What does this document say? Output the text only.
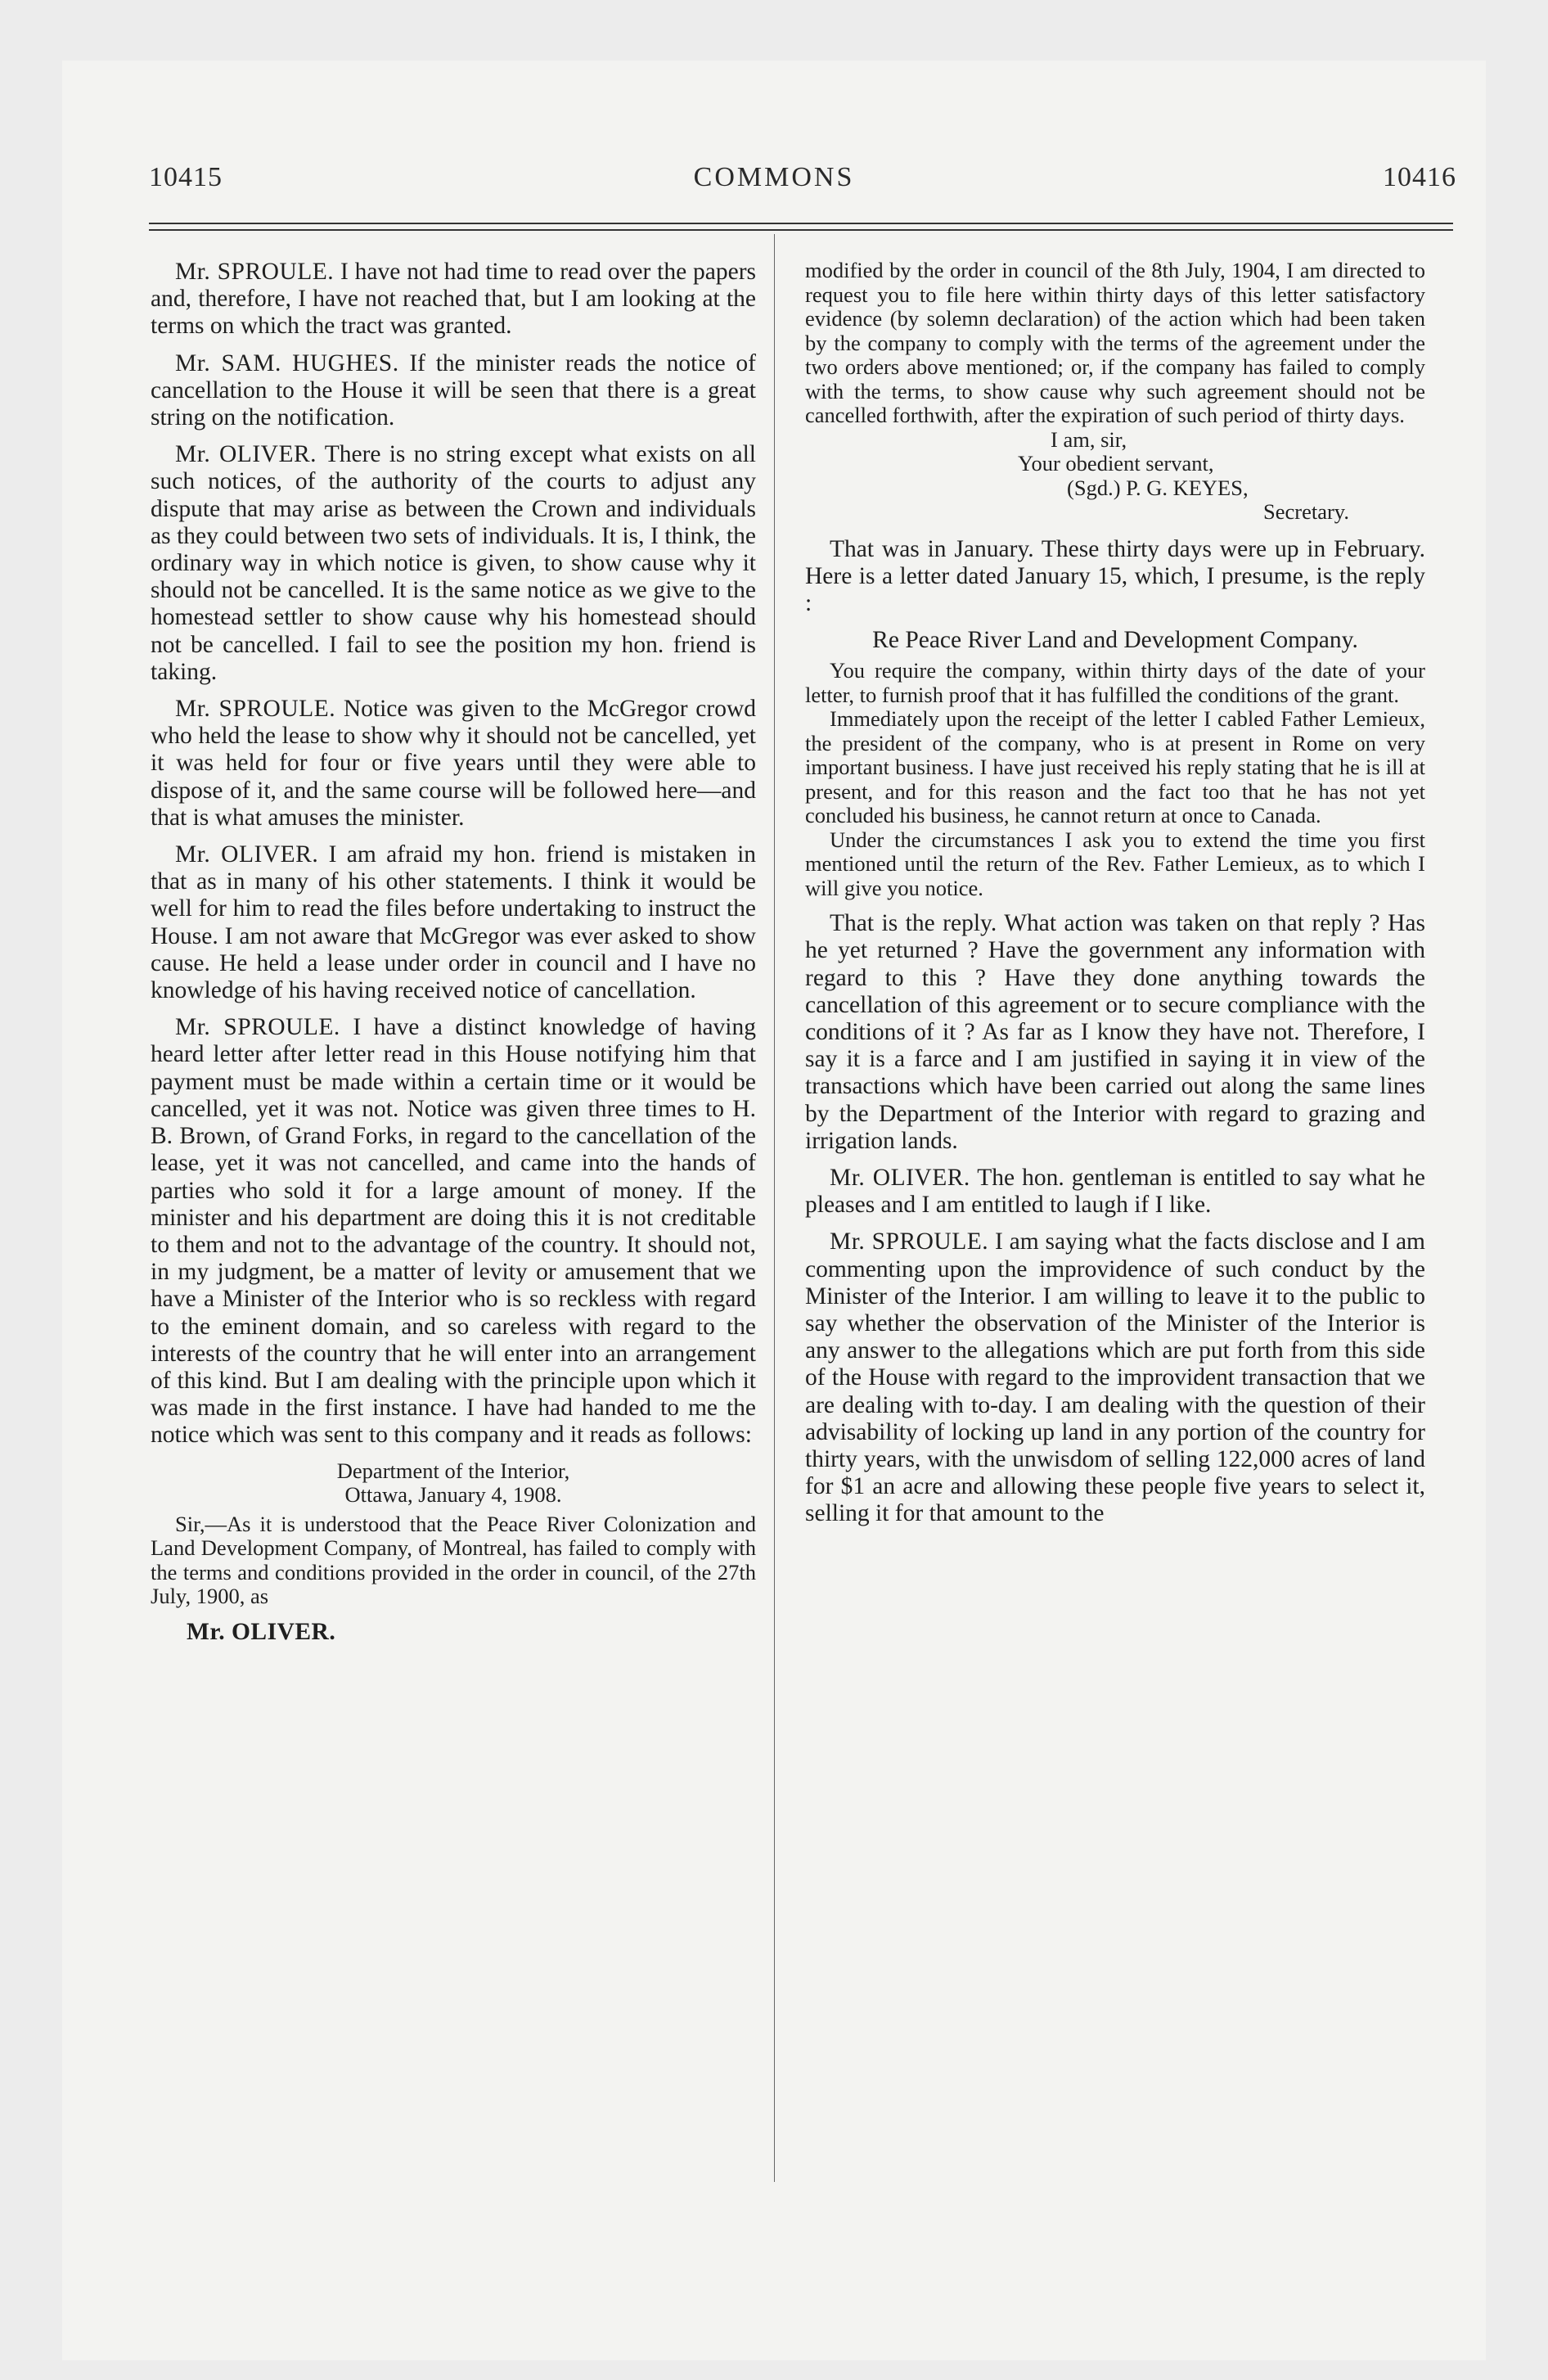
10415	COMMONS	10416

Mr. SPROULE. I have not had time to read over the papers and, therefore, I have not reached that, but I am looking at the terms on which the tract was granted.

Mr. SAM. HUGHES. If the minister reads the notice of cancellation to the House it will be seen that there is a great string on the notification.

Mr. OLIVER. There is no string except what exists on all such notices, of the authority of the courts to adjust any dispute that may arise as between the Crown and individuals as they could between two sets of individuals. It is, I think, the ordinary way in which notice is given, to show cause why it should not be cancelled. It is the same notice as we give to the homestead settler to show cause why his homestead should not be cancelled. I fail to see the position my hon. friend is taking.

Mr. SPROULE. Notice was given to the McGregor crowd who held the lease to show why it should not be cancelled, yet it was held for four or five years until they were able to dispose of it, and the same course will be followed here—and that is what amuses the minister.

Mr. OLIVER. I am afraid my hon. friend is mistaken in that as in many of his other statements. I think it would be well for him to read the files before undertaking to instruct the House. I am not aware that McGregor was ever asked to show cause. He held a lease under order in council and I have no knowledge of his having received notice of cancellation.

Mr. SPROULE. I have a distinct knowledge of having heard letter after letter read in this House notifying him that payment must be made within a certain time or it would be cancelled, yet it was not. Notice was given three times to H. B. Brown, of Grand Forks, in regard to the cancellation of the lease, yet it was not cancelled, and came into the hands of parties who sold it for a large amount of money. If the minister and his department are doing this it is not creditable to them and not to the advantage of the country. It should not, in my judgment, be a matter of levity or amusement that we have a Minister of the Interior who is so reckless with regard to the eminent domain, and so careless with regard to the interests of the country that he will enter into an arrangement of this kind. But I am dealing with the principle upon which it was made in the first instance. I have had handed to me the notice which was sent to this company and it reads as follows:

Department of the Interior,

Ottawa, January 4, 1908.

Sir,—As it is understood that the Peace River Colonization and Land Development Company, of Montreal, has failed to comply with the terms and conditions provided in the order in council, of the 27th July, 1900, as

Mr. OLIVER.

modified by the order in council of the 8th July, 1904, I am directed to request you to file here within thirty days of this letter satisfactory evidence (by solemn declaration) of the action which had been taken by the company to comply with the terms of the agreement under the two orders above mentioned; or, if the company has failed to comply with the terms, to show cause why such agreement should not be cancelled forthwith, after the expiration of such period of thirty days.

I am, sir,

Your obedient servant,

(Sgd.) P. G. KEYES,

Secretary.

That was in January. These thirty days were up in February. Here is a letter dated January 15, which, I presume, is the reply :

Re Peace River Land and Development Company.

You require the company, within thirty days of the date of your letter, to furnish proof that it has fulfilled the conditions of the grant.

Immediately upon the receipt of the letter I cabled Father Lemieux, the president of the company, who is at present in Rome on very important business. I have just received his reply stating that he is ill at present, and for this reason and the fact too that he has not yet concluded his business, he cannot return at once to Canada.

Under the circumstances I ask you to extend the time you first mentioned until the return of the Rev. Father Lemieux, as to which I will give you notice.

That is the reply. What action was taken on that reply ? Has he yet returned ? Have the government any information with regard to this ? Have they done anything towards the cancellation of this agreement or to secure compliance with the conditions of it ? As far as I know they have not. Therefore, I say it is a farce and I am justified in saying it in view of the transactions which have been carried out along the same lines by the Department of the Interior with regard to grazing and irrigation lands.

Mr. OLIVER. The hon. gentleman is entitled to say what he pleases and I am entitled to laugh if I like.

Mr. SPROULE. I am saying what the facts disclose and I am commenting upon the improvidence of such conduct by the Minister of the Interior. I am willing to leave it to the public to say whether the observation of the Minister of the Interior is any answer to the allegations which are put forth from this side of the House with regard to the improvident transaction that we are dealing with to-day. I am dealing with the question of their advisability of locking up land in any portion of the country for thirty years, with the unwisdom of selling 122,000 acres of land for $1 an acre and allowing these people five years to select it, selling it for that amount to the
